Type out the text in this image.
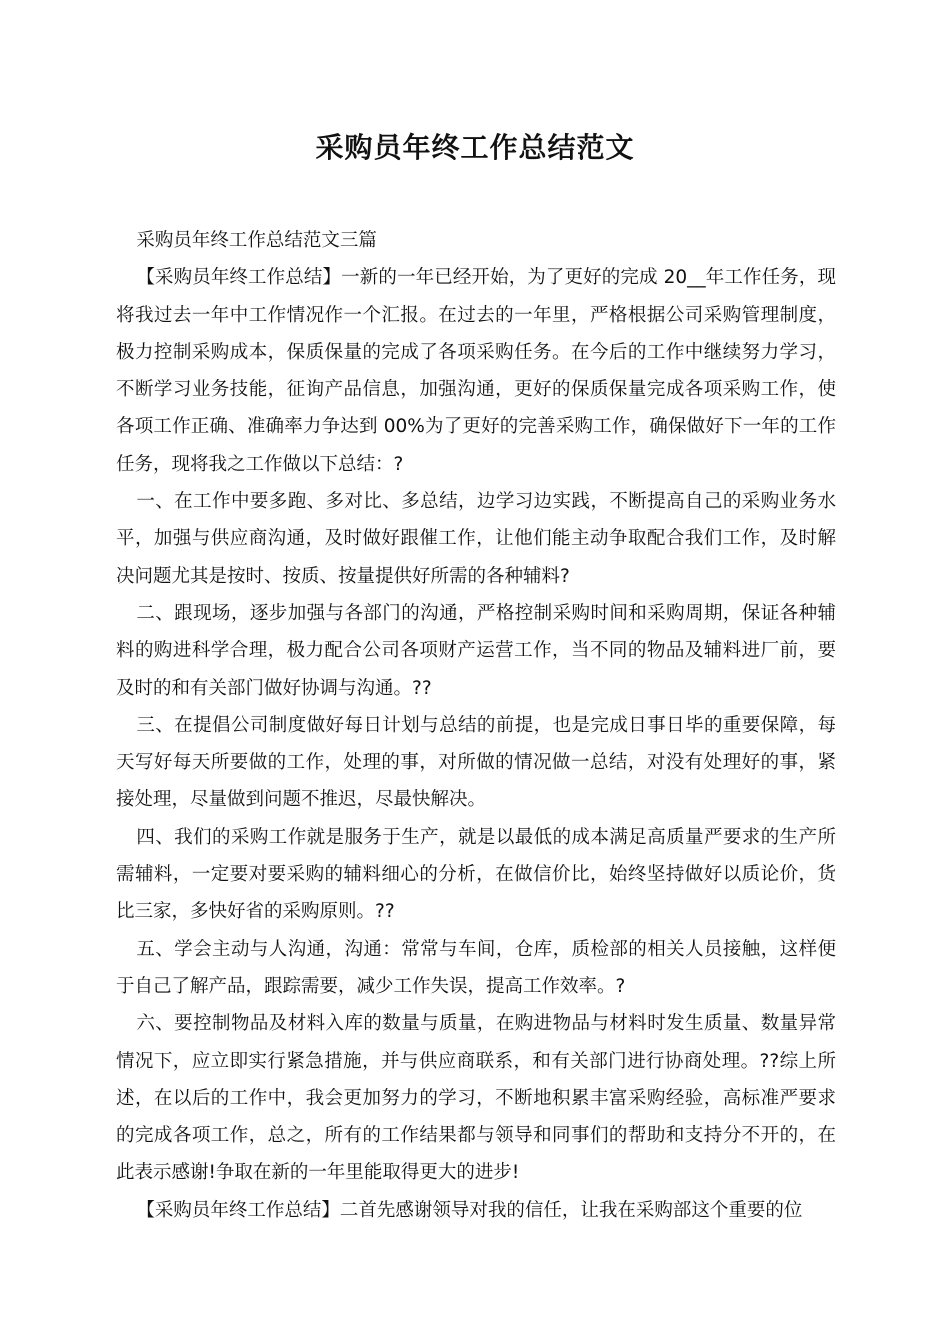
采购员年终工作总结范文

采购员年终工作总结范文三篇

【采购员年终工作总结】一新的一年已经开始，为了更好的完成 20__年工作任务，现将我过去一年中工作情况作一个汇报。在过去的一年里，严格根据公司采购管理制度，极力控制采购成本，保质保量的完成了各项采购任务。在今后的工作中继续努力学习，不断学习业务技能，征询产品信息，加强沟通，更好的保质保量完成各项采购工作，使各项工作正确、准确率力争达到 00%为了更好的完善采购工作，确保做好下一年的工作任务，现将我之工作做以下总结：?

一、在工作中要多跑、多对比、多总结，边学习边实践，不断提高自己的采购业务水平，加强与供应商沟通，及时做好跟催工作，让他们能主动争取配合我们工作，及时解决问题尤其是按时、按质、按量提供好所需的各种辅料?

二、跟现场，逐步加强与各部门的沟通，严格控制采购时间和采购周期，保证各种辅料的购进科学合理，极力配合公司各项财产运营工作，当不同的物品及辅料进厂前，要及时的和有关部门做好协调与沟通。??

三、在提倡公司制度做好每日计划与总结的前提，也是完成日事日毕的重要保障，每天写好每天所要做的工作，处理的事，对所做的情况做一总结，对没有处理好的事，紧接处理，尽量做到问题不推迟，尽最快解决。

四、我们的采购工作就是服务于生产，就是以最低的成本满足高质量严要求的生产所需辅料，一定要对要采购的辅料细心的分析，在做信价比，始终坚持做好以质论价，货比三家，多快好省的采购原则。??

五、学会主动与人沟通，沟通：常常与车间，仓库，质检部的相关人员接触，这样便于自己了解产品，跟踪需要，减少工作失误，提高工作效率。?

六、要控制物品及材料入库的数量与质量，在购进物品与材料时发生质量、数量异常情况下，应立即实行紧急措施，并与供应商联系，和有关部门进行协商处理。??综上所述，在以后的工作中，我会更加努力的学习，不断地积累丰富采购经验，高标准严要求的完成各项工作，总之，所有的工作结果都与领导和同事们的帮助和支持分不开的，在此表示感谢!争取在新的一年里能取得更大的进步!

【采购员年终工作总结】二首先感谢领导对我的信任，让我在采购部这个重要的位
